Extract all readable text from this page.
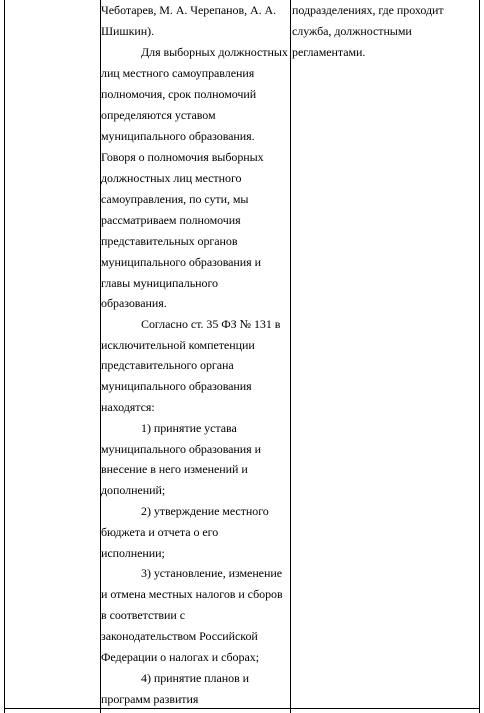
Чеботарев, М. А. Черепанов, А. А.
Шишкин).
Для выборных должностных
лиц местного самоуправления
полномочия, срок полномочий
определяются уставом
муниципального образования.
Говоря о полномочия выборных
должностных лиц местного
самоуправления, по сути, мы
рассматриваем полномочия
представительных органов
муниципального образования и
главы муниципального
образования.
Согласно ст. 35 ФЗ № 131 в
исключительной компетенции
представительного органа
муниципального образования
находятся:
1) принятие устава
муниципального образования и
внесение в него изменений и
дополнений;
2) утверждение местного
бюджета и отчета о его
исполнении;
3) установление, изменение
и отмена местных налогов и сборов
в соответствии с
законодательством Российской
Федерации о налогах и сборах;
4) принятие планов и
программ развития
подразделениях, где проходит
служба, должностными
регламентами.
